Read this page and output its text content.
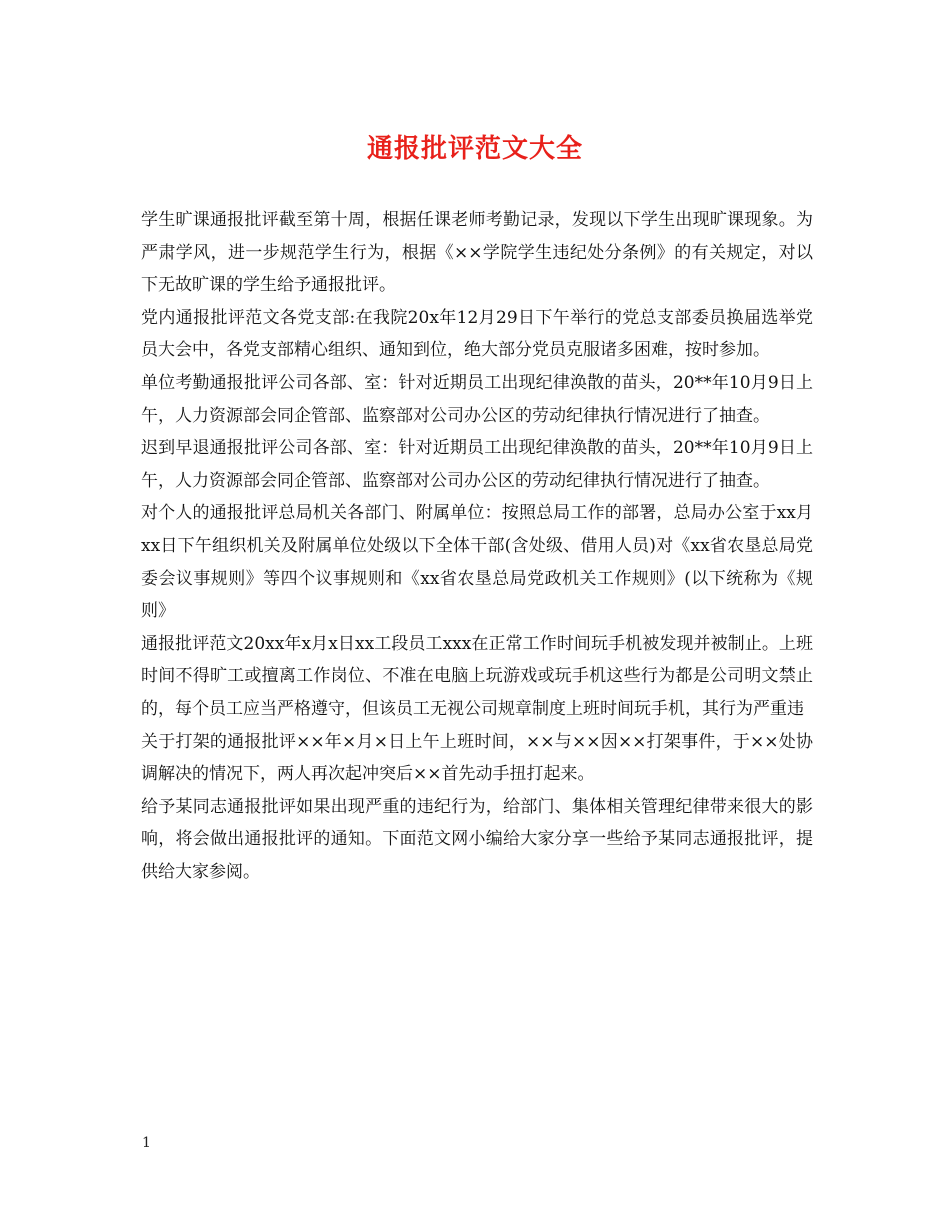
通报批评范文大全

学生旷课通报批评截至第十周，根据任课老师考勤记录，发现以下学生出现旷课现象。为严肃学风，进一步规范学生行为，根据《××学院学生违纪处分条例》的有关规定，对以下无故旷课的学生给予通报批评。

党内通报批评范文各党支部:在我院20x年12月29日下午举行的党总支部委员换届选举党员大会中，各党支部精心组织、通知到位，绝大部分党员克服诸多困难，按时参加。

单位考勤通报批评公司各部、室：针对近期员工出现纪律涣散的苗头，20**年10月9日上午，人力资源部会同企管部、监察部对公司办公区的劳动纪律执行情况进行了抽查。

迟到早退通报批评公司各部、室：针对近期员工出现纪律涣散的苗头，20**年10月9日上午，人力资源部会同企管部、监察部对公司办公区的劳动纪律执行情况进行了抽查。

对个人的通报批评总局机关各部门、附属单位：按照总局工作的部署，总局办公室于xx月xx日下午组织机关及附属单位处级以下全体干部(含处级、借用人员)对《xx省农垦总局党委会议事规则》等四个议事规则和《xx省农垦总局党政机关工作规则》(以下统称为《规则》

通报批评范文20xx年x月x日xx工段员工xxx在正常工作时间玩手机被发现并被制止。上班时间不得旷工或擅离工作岗位、不准在电脑上玩游戏或玩手机这些行为都是公司明文禁止的，每个员工应当严格遵守，但该员工无视公司规章制度上班时间玩手机，其行为严重违

关于打架的通报批评××年×月×日上午上班时间，××与××因××打架事件，于××处协调解决的情况下，两人再次起冲突后××首先动手扭打起来。

给予某同志通报批评如果出现严重的违纪行为，给部门、集体相关管理纪律带来很大的影响，将会做出通报批评的通知。下面范文网小编给大家分享一些给予某同志通报批评，提供给大家参阅。

1
